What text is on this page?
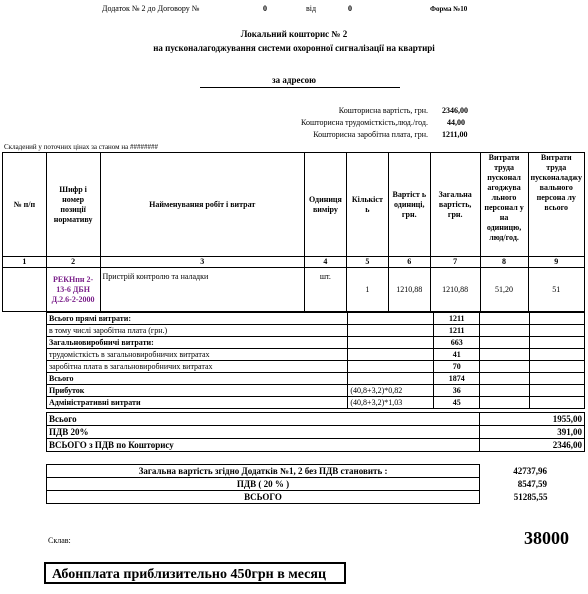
Додаток № 2 до Договору №	0	від	0	Форма №10
Локальний кошторис № 2
на пусконалагоджування системи охоронної сигналізації на квартирі
за адресою
Кошторисна вартість, грн. 2346,00
Кошторисна трудомісткість,люд./год. 44,00
Кошторисна заробітна плата, грн. 1211,00
Складений у поточних цінах за станом на ########
№ п/п	Шифр і номер позиції нормативу	Найменування робіт і витрат	Одиниця виміру	Кількіст ь	Вартіст ь одиниці, грн.	Загальна вартість, грн.	Витрати труда пусконал агоджува льного персонал у на одиницю, люд/год.	Витрати труда пусконаладжу вального персона лу всього
1	2	3	4	5	6	7	8	9
	РЕКНпн 2-13-6 ДБН Д.2.6-2-2000	Пристрій контролю та наладки	шт.	1	1210,88	1210,88	51,20	51
Всього прямі витрати:		1211		
в тому числі заробітна плата (грн.)		1211		
Загальновиробничі витрати:		663		
трудомісткість в загальновиробничих витратах		41		
заробітна плата в загальновиробничих витратах		70		
Всього		1874		
Прибуток	(40,8+3,2)*0,82	36		
Адміністративні витрати	(40,8+3,2)*1,03	45		
Всього	1955,00
ПДВ 20%	391,00
ВСЬОГО з ПДВ по Кошторису	2346,00
Загальна вартість згідно Додатків №1, 2 без ПДВ становить :	42737,96
ПДВ ( 20 % )	8547,59
ВСЬОГО	51285,55
Склав:	38000
Абонплата приблизительно 450грн в месяц
